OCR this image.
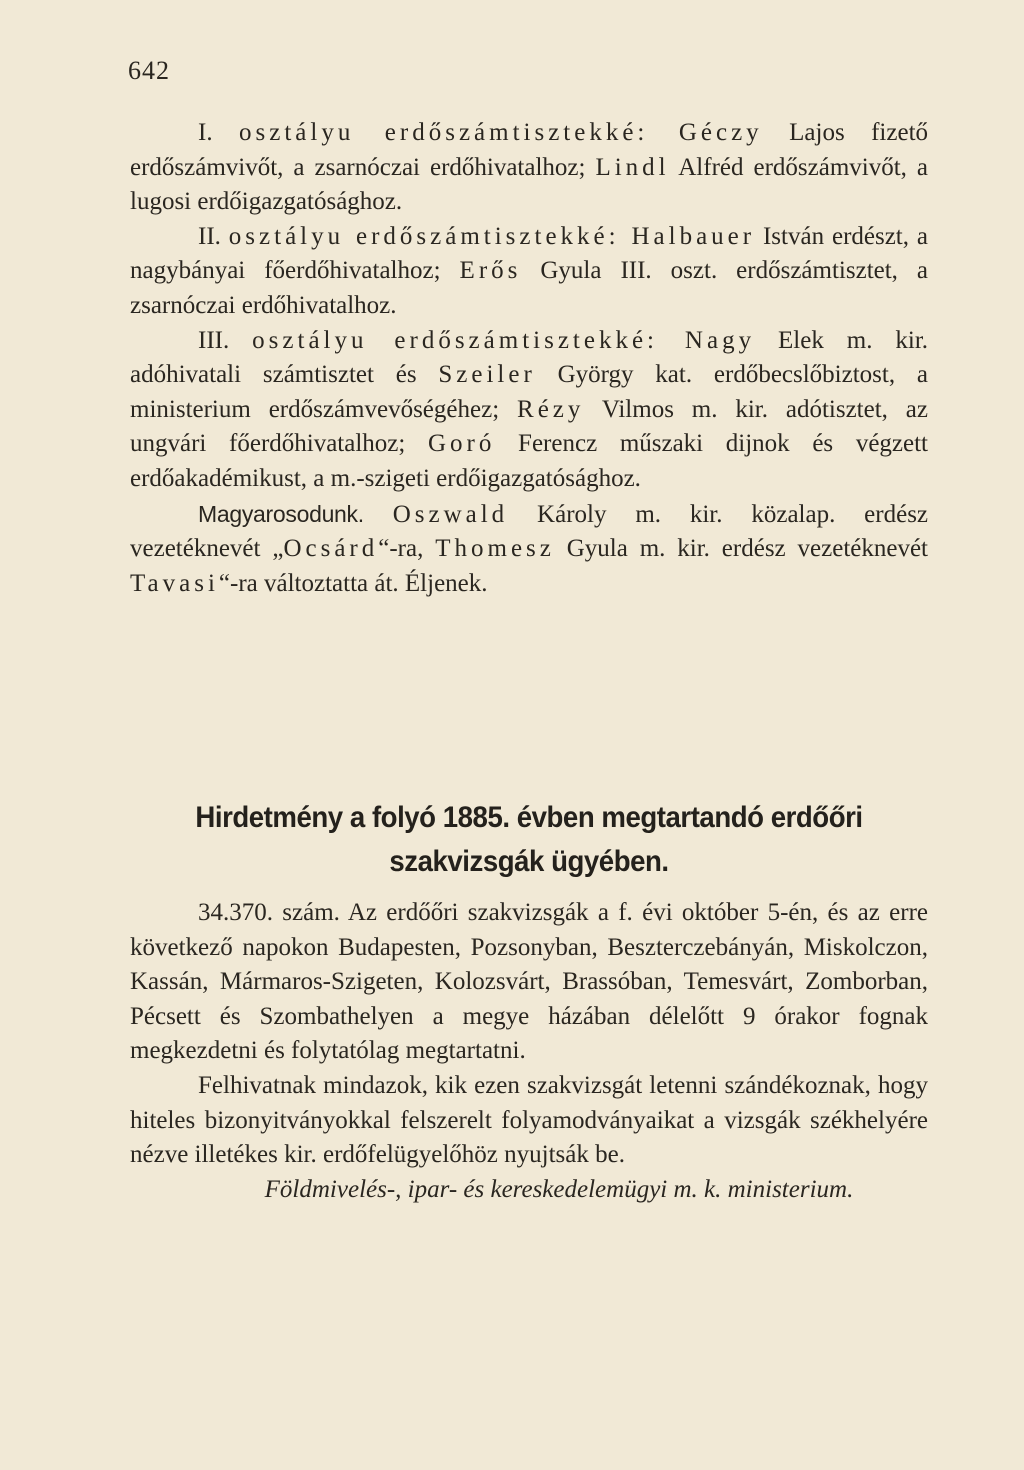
642

I. osztályu erdőszámtisztekké: Géczy Lajos fizető erdőszámvivőt, a zsarnóczai erdőhivatalhoz; Lindl Alfréd erdőszámvivőt, a lugosi erdőigazgatósághoz.

II. osztályu erdőszámtisztekké: Halbauer István erdészt, a nagybányai főerdőhivatalhoz; Erős Gyula III. oszt. erdőszámtisztet, a zsarnóczai erdőhivatalhoz.

III. osztályu erdőszámtisztekké: Nagy Elek m. kir. adóhivatali számtisztet és Szeiler György kat. erdőbecslőbiztost, a ministerium erdőszámvevőségéhez; Rézy Vilmos m. kir. adótisztet, az ungvári főerdőhivatalhoz; Goró Ferencz műszaki dijnok és végzett erdőakadémikust, a m.-szigeti erdőigazgatósághoz.

Magyarosodunk. Oszwald Károly m. kir. közalap. erdész vezetéknevét „Ocsárd“-ra, Thomesz Gyula m. kir. erdész vezetéknevét Tavasi“-ra változtatta át. Éljenek.

Hirdetmény a folyó 1885. évben megtartandó erdőőri
szakvizsgák ügyében.

34.370. szám. Az erdőőri szakvizsgák a f. évi október 5-én, és az erre következő napokon Budapesten, Pozsonyban, Beszterczebányán, Miskolczon, Kassán, Mármaros-Szigeten, Kolozsvárt, Brassóban, Temesvárt, Zomborban, Pécsett és Szombathelyen a megye házában délelőtt 9 órakor fognak megkezdetni és folytatólag megtartatni.

Felhivatnak mindazok, kik ezen szakvizsgát letenni szándékoznak, hogy hiteles bizonyitványokkal felszerelt folyamodványaikat a vizsgák székhelyére nézve illetékes kir. erdőfelügyelőhöz nyujtsák be.

Földmivelés-, ipar- és kereskedelemügyi m. k. ministerium.
